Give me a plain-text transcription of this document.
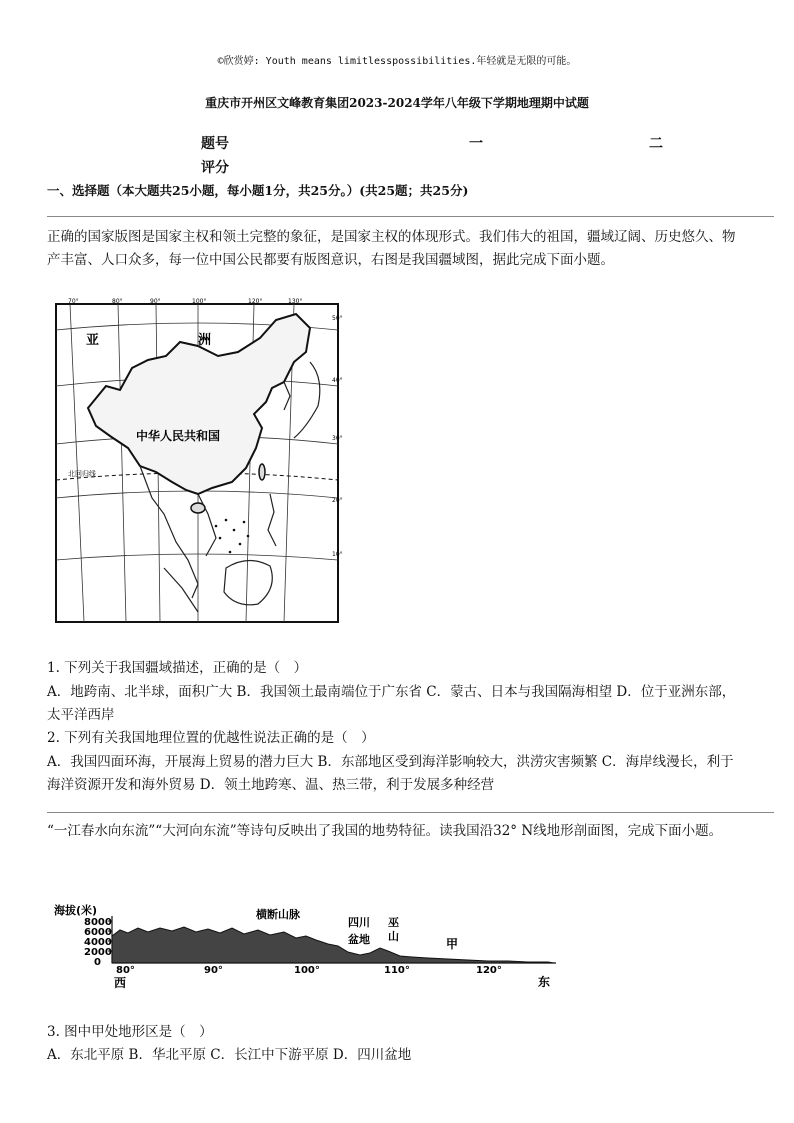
©欣赏婷: Youth means limitlesspossibilities.年轻就是无限的可能。
重庆市开州区文峰教育集团2023-2024学年八年级下学期地理期中试题
题号	一	二
评分
一、选择题（本大题共25小题，每小题1分，共25分。）(共25题；共25分)
正确的国家版图是国家主权和领土完整的象征，是国家主权的体现形式。我们伟大的祖国，疆域辽阔、历史悠久、物产丰富、人口众多，每一位中国公民都要有版图意识，右图是我国疆域图，据此完成下面小题。
亚	洲
中华人民共和国
北回归线
70°	80°	90°	100°	120°	130°
50°
40°
30°
20°
10°
1. 下列关于我国疆域描述，正确的是（　）
A．地跨南、北半球，面积广大 B．我国领土最南端位于广东省 C．蒙古、日本与我国隔海相望 D．位于亚洲东部，太平洋西岸
2. 下列有关我国地理位置的优越性说法正确的是（　）
A．我国四面环海，开展海上贸易的潜力巨大 B．东部地区受到海洋影响较大，洪涝灾害频繁 C．海岸线漫长，利于海洋资源开发和海外贸易 D．领土地跨寒、温、热三带，利于发展多种经营
“一江春水向东流”“大河向东流”等诗句反映出了我国的地势特征。读我国沿32° N线地形剖面图，完成下面小题。
海拔(米)
8000
6000
4000
2000
0
80°	90°	100°	110°	120°
西	东
横断山脉
四川
盆地
巫
山
甲
3. 图中甲处地形区是（　）
A．东北平原 B．华北平原 C．长江中下游平原 D．四川盆地
